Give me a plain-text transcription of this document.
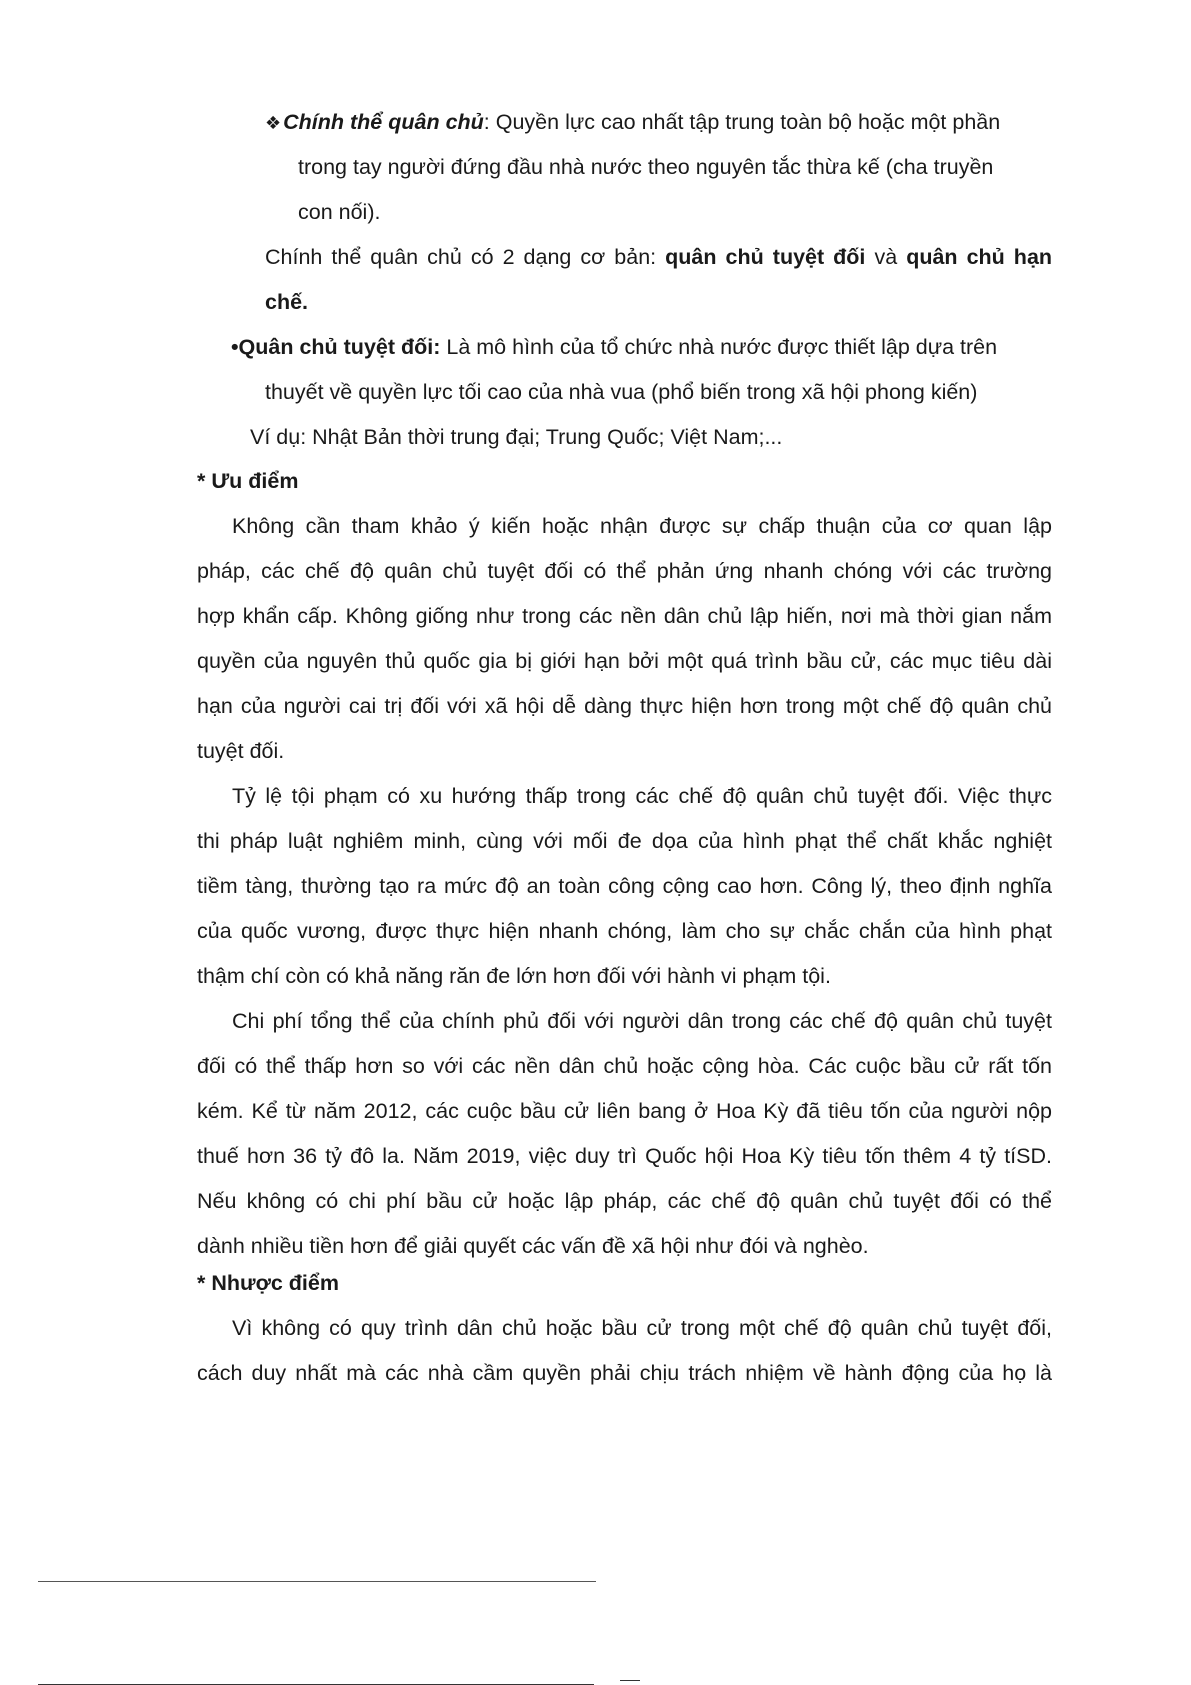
❖Chính thể quân chủ: Quyền lực cao nhất tập trung toàn bộ hoặc một phần
trong tay người đứng đầu nhà nước theo nguyên tắc thừa kế (cha truyền
con nối).
Chính thể quân chủ có 2 dạng cơ bản: quân chủ tuyệt đối và quân chủ hạn
chế.
•Quân chủ tuyệt đối: Là mô hình của tổ chức nhà nước được thiết lập dựa trên
thuyết về quyền lực tối cao của nhà vua (phổ biến trong xã hội phong kiến)
Ví dụ: Nhật Bản thời trung đại; Trung Quốc; Việt Nam;...
* Ưu điểm
Không cần tham khảo ý kiến hoặc nhận được sự chấp thuận của cơ quan lập
pháp, các chế độ quân chủ tuyệt đối có thể phản ứng nhanh chóng với các trường
hợp khẩn cấp. Không giống như trong các nền dân chủ lập hiến, nơi mà thời gian nắm
quyền của nguyên thủ quốc gia bị giới hạn bởi một quá trình bầu cử, các mục tiêu dài
hạn của người cai trị đối với xã hội dễ dàng thực hiện hơn trong một chế độ quân chủ
tuyệt đối.
Tỷ lệ tội phạm có xu hướng thấp trong các chế độ quân chủ tuyệt đối. Việc thực
thi pháp luật nghiêm minh, cùng với mối đe dọa của hình phạt thể chất khắc nghiệt
tiềm tàng, thường tạo ra mức độ an toàn công cộng cao hơn. Công lý, theo định nghĩa
của quốc vương, được thực hiện nhanh chóng, làm cho sự chắc chắn của hình phạt
thậm chí còn có khả năng răn đe lớn hơn đối với hành vi phạm tội.
Chi phí tổng thể của chính phủ đối với người dân trong các chế độ quân chủ tuyệt
đối có thể thấp hơn so với các nền dân chủ hoặc cộng hòa. Các cuộc bầu cử rất tốn
kém. Kể từ năm 2012, các cuộc bầu cử liên bang ở Hoa Kỳ đã tiêu tốn của người nộp
thuế hơn 36 tỷ đô la. Năm 2019, việc duy trì Quốc hội Hoa Kỳ tiêu tốn thêm 4 tỷ tíSD.
Nếu không có chi phí bầu cử hoặc lập pháp, các chế độ quân chủ tuyệt đối có thể
dành nhiều tiền hơn để giải quyết các vấn đề xã hội như đói và nghèo.
* Nhược điểm
Vì không có quy trình dân chủ hoặc bầu cử trong một chế độ quân chủ tuyệt đối,
cách duy nhất mà các nhà cầm quyền phải chịu trách nhiệm về hành động của họ là
